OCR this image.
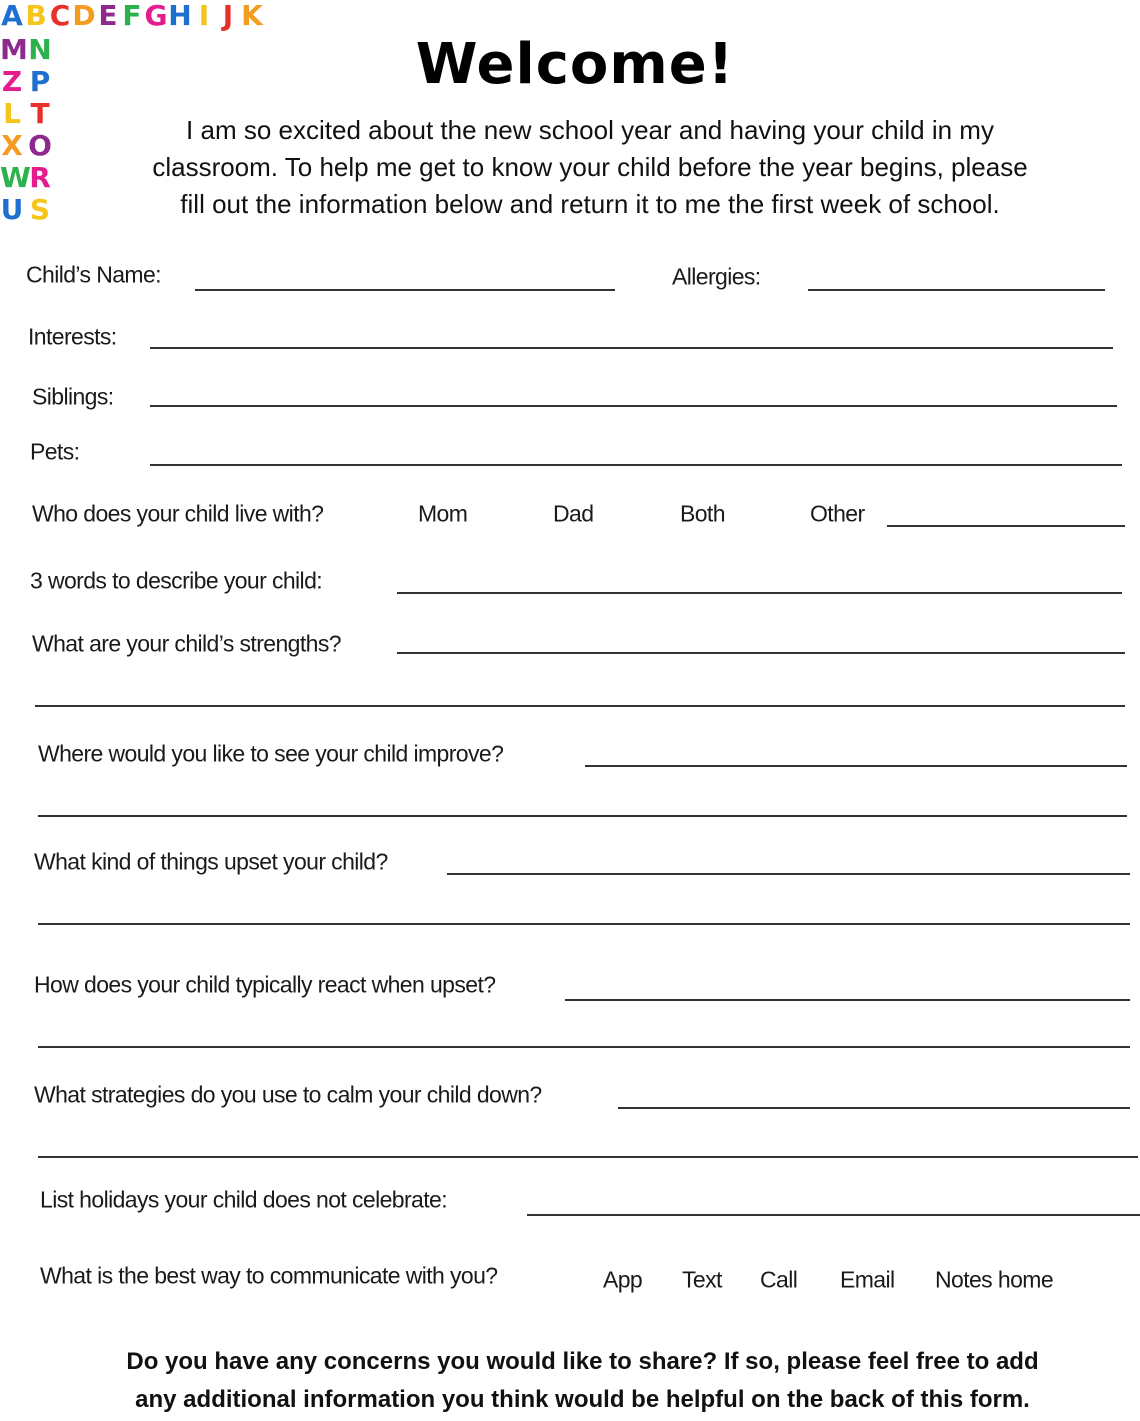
A B C D E F G H I J K
M N
Z P
L T
X O
W
R
U S
Welcome!
I am so excited about the new school year and having your child in my
classroom. To help me get to know your child before the year begins, please
fill out the information below and return it to me the first week of school.
Child’s Name:	Allergies:
Interests:
Siblings:
Pets:
Who does your child live with?	Mom	Dad	Both	Other
3 words to describe your child:
What are your child’s strengths?
Where would you like to see your child improve?
What kind of things upset your child?
How does your child typically react when upset?
What strategies do you use to calm your child down?
List holidays your child does not celebrate:
What is the best way to communicate with you?	App Text Call Email Notes home
Do you have any concerns you would like to share? If so, please feel free to add
any additional information you think would be helpful on the back of this form.
